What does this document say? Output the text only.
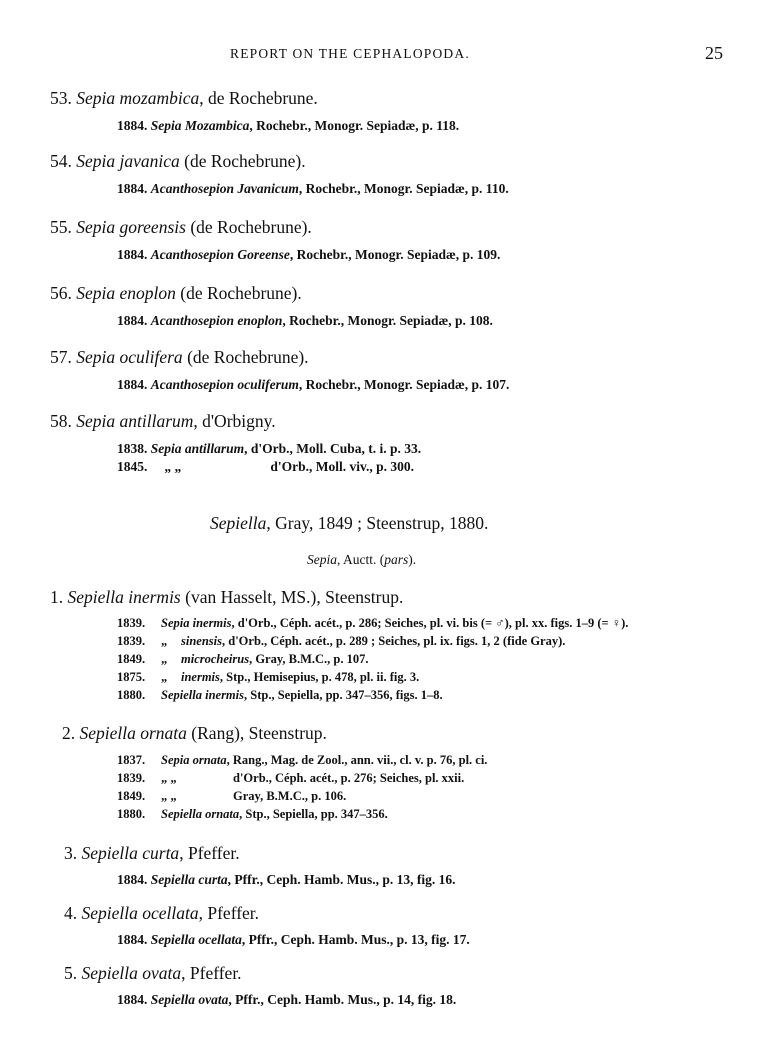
REPORT ON THE CEPHALOPODA.	25
53. Sepia mozambica, de Rochebrune.
1884. Sepia Mozambica, Rochebr., Monogr. Sepiadæ, p. 118.
54. Sepia javanica (de Rochebrune).
1884. Acanthosepion Javanicum, Rochebr., Monogr. Sepiadæ, p. 110.
55. Sepia goreensis (de Rochebrune).
1884. Acanthosepion Goreense, Rochebr., Monogr. Sepiadæ, p. 109.
56. Sepia enoplon (de Rochebrune).
1884. Acanthosepion enoplon, Rochebr., Monogr. Sepiadæ, p. 108.
57. Sepia oculifera (de Rochebrune).
1884. Acanthosepion oculiferum, Rochebr., Monogr. Sepiadæ, p. 107.
58. Sepia antillarum, d'Orbigny.
1838. Sepia antillarum, d'Orb., Moll. Cuba, t. i. p. 33.
1845. „ „	d'Orb., Moll. viv., p. 300.
Sepiella, Gray, 1849 ; Steenstrup, 1880.
Sepia, Auctt. (pars).
1. Sepiella inermis (van Hasselt, MS.), Steenstrup.
1839. Sepia inermis, d'Orb., Céph. acét., p. 286; Seiches, pl. vi. bis (= ♂), pl. xx. figs. 1–9 (= ♀).
1839. „ sinensis, d'Orb., Céph. acét., p. 289 ; Seiches, pl. ix. figs. 1, 2 (fide Gray).
1849. „ microcheirus, Gray, B.M.C., p. 107.
1875. „ inermis, Stp., Hemisepius, p. 478, pl. ii. fig. 3.
1880. Sepiella inermis, Stp., Sepiella, pp. 347–356, figs. 1–8.
2. Sepiella ornata (Rang), Steenstrup.
1837. Sepia ornata, Rang., Mag. de Zool., ann. vii., cl. v. p. 76, pl. ci.
1839. „ „	d'Orb., Céph. acét., p. 276; Seiches, pl. xxii.
1849. „ „	Gray, B.M.C., p. 106.
1880. Sepiella ornata, Stp., Sepiella, pp. 347–356.
3. Sepiella curta, Pfeffer.
1884. Sepiella curta, Pffr., Ceph. Hamb. Mus., p. 13, fig. 16.
4. Sepiella ocellata, Pfeffer.
1884. Sepiella ocellata, Pffr., Ceph. Hamb. Mus., p. 13, fig. 17.
5. Sepiella ovata, Pfeffer.
1884. Sepiella ovata, Pffr., Ceph. Hamb. Mus., p. 14, fig. 18.
